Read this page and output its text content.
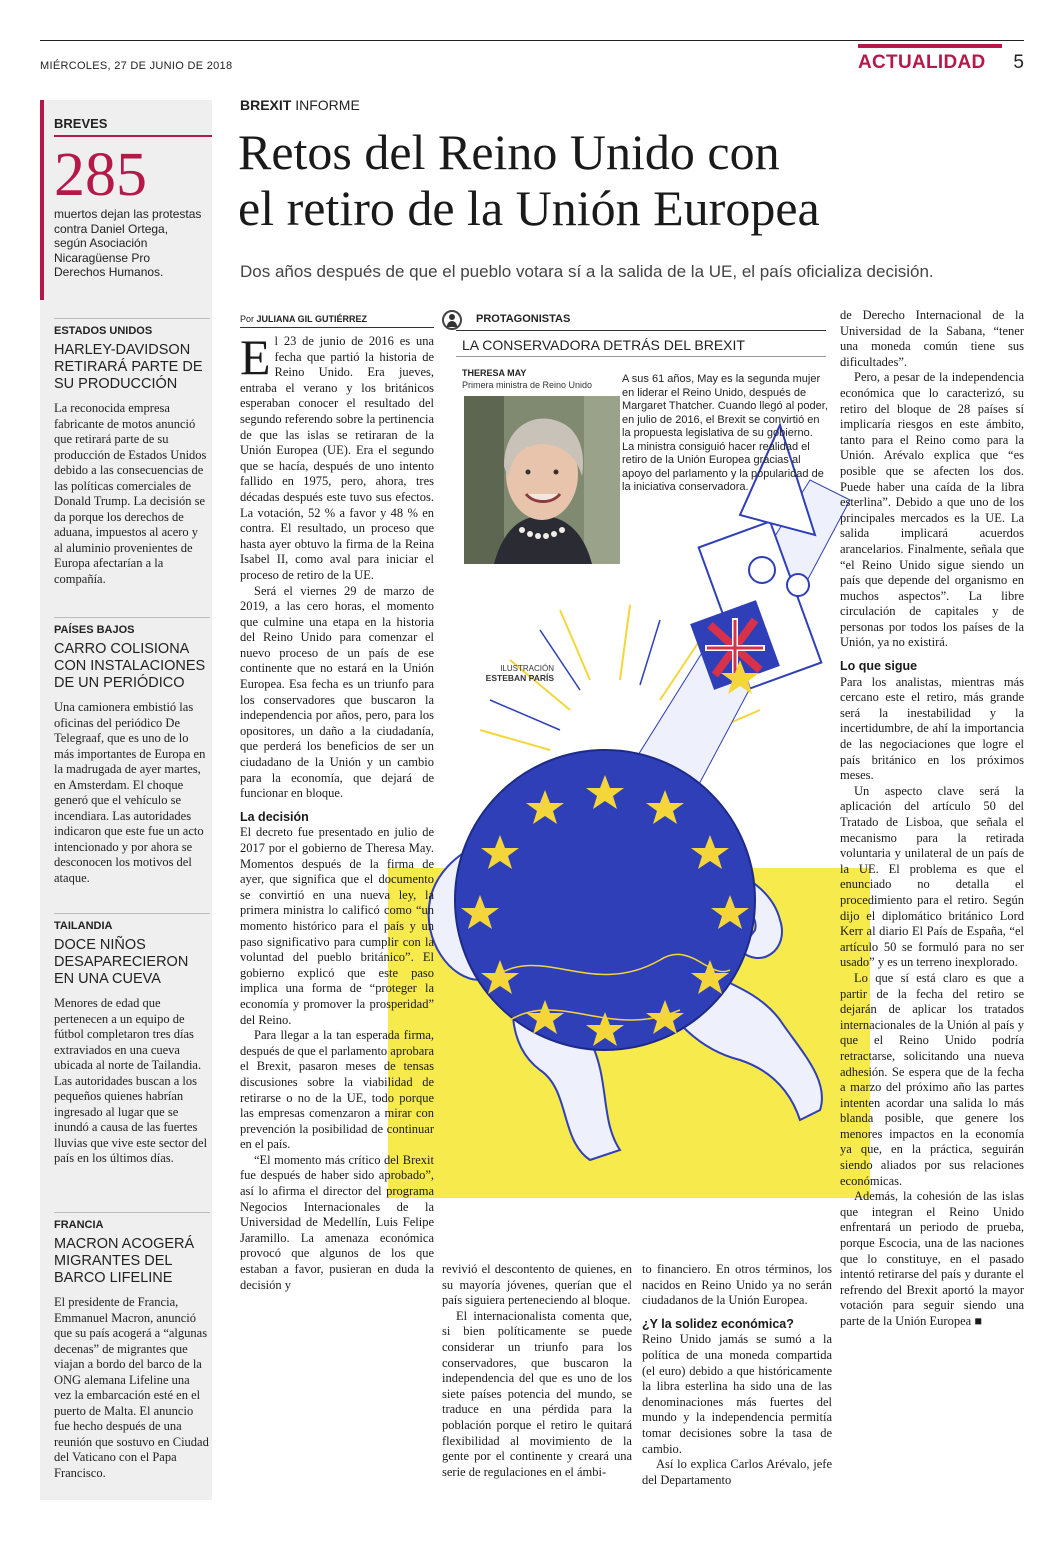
MIÉRCOLES, 27 DE JUNIO DE 2018	ACTUALIDAD 5
BREVES
285
muertos dejan las protestas contra Daniel Ortega, según Asociación Nicaragüense Pro Derechos Humanos.
ESTADOS UNIDOS
HARLEY-DAVIDSON RETIRARÁ PARTE DE SU PRODUCCIÓN
La reconocida empresa fabricante de motos anunció que retirará parte de su producción de Estados Unidos debido a las consecuencias de las políticas comerciales de Donald Trump. La decisión se da porque los derechos de aduana, impuestos al acero y al aluminio provenientes de Europa afectarían a la compañía.
PAÍSES BAJOS
CARRO COLISIONA CON INSTALACIONES DE UN PERIÓDICO
Una camionera embistió las oficinas del periódico De Telegraaf, que es uno de lo más importantes de Europa en la madrugada de ayer martes, en Amsterdam. El choque generó que el vehículo se incendiara. Las autoridades indicaron que este fue un acto intencionado y por ahora se desconocen los motivos del ataque.
TAILANDIA
DOCE NIÑOS DESAPARECIERON EN UNA CUEVA
Menores de edad que pertenecen a un equipo de fútbol completaron tres días extraviados en una cueva ubicada al norte de Tailandia. Las autoridades buscan a los pequeños quienes habrían ingresado al lugar que se inundó a causa de las fuertes lluvias que vive este sector del país en los últimos días.
FRANCIA
MACRON ACOGERÁ MIGRANTES DEL BARCO LIFELINE
El presidente de Francia, Emmanuel Macron, anunció que su país acogerá a “algunas decenas” de migrantes que viajan a bordo del barco de la ONG alemana Lifeline una vez la embarcación esté en el puerto de Malta. El anuncio fue hecho después de una reunión que sostuvo en Ciudad del Vaticano con el Papa Francisco.
BREXIT INFORME
Retos del Reino Unido con
el retiro de la Unión Europea
Dos años después de que el pueblo votara sí a la salida de la UE, el país oficializa decisión.
ILUSTRACIÓN
ESTEBAN PARÍS
PROTAGONISTAS
LA CONSERVADORA DETRÁS DEL BREXIT
THERESA MAY
Primera ministra de Reino Unido	A sus 61 años, May es la segunda mujer en liderar el Reino Unido, después de Margaret Thatcher. Cuando llegó al poder, en julio de 2016, el Brexit se convirtió en la propuesta legislativa de su gobierno. La ministra consiguió hacer realidad el retiro de la Unión Europea gracias al apoyo del parlamento y la popularidad de la iniciativa conservadora.
Por JULIANA GIL GUTIÉRREZ

El 23 de junio de 2016 es una fecha que partió la historia de Reino Unido. Era jueves, entraba el verano y los británicos esperaban conocer el resultado del segundo referendo sobre la pertinencia de que las islas se retiraran de la Unión Europea (UE). Era el segundo que se hacía, después de uno intento fallido en 1975, pero, ahora, tres décadas después este tuvo sus efectos. La votación, 52 % a favor y 48 % en contra. El resultado, un proceso que hasta ayer obtuvo la firma de la Reina Isabel II, como aval para iniciar el proceso de retiro de la UE.

Será el viernes 29 de marzo de 2019, a las cero horas, el momento que culmine una etapa en la historia del Reino Unido para comenzar el nuevo proceso de un país de ese continente que no estará en la Unión Europea. Esa fecha es un triunfo para los conservadores que buscaron la independencia por años, pero, para los opositores, un daño a la ciudadanía, que perderá los beneficios de ser un ciudadano de la Unión y un cambio para la economía, que dejará de funcionar en bloque.

La decisión

El decreto fue presentado en julio de 2017 por el gobierno de Theresa May. Momentos después de la firma de ayer, que significa que el documento se convirtió en una nueva ley, la primera ministra lo calificó como “un momento histórico para el país y un paso significativo para cumplir con la voluntad del pueblo británico”. El gobierno explicó que este paso implica una forma de “proteger la economía y promover la prosperidad” del Reino.

Para llegar a la tan esperada firma, después de que el parlamento aprobara el Brexit, pasaron meses de tensas discusiones sobre la viabilidad de retirarse o no de la UE, todo porque las empresas comenzaron a mirar con prevención la posibilidad de continuar en el país.

“El momento más crítico del Brexit fue después de haber sido aprobado”, así lo afirma el director del programa Negocios Internacionales de la Universidad de Medellín, Luis Felipe Jaramillo. La amenaza económica provocó que algunos de los que estaban a favor, pusieran en duda la decisión y

revivió el descontento de quienes, en su mayoría jóvenes, querían que el país siguiera perteneciendo al bloque.

El internacionalista comenta que, si bien políticamente se puede considerar un triunfo para los conservadores, que buscaron la independencia del que es uno de los siete países potencia del mundo, se traduce en una pérdida para la población porque el retiro le quitará flexibilidad al movimiento de la gente por el continente y creará una serie de regulaciones en el ámbi-

to financiero. En otros términos, los nacidos en Reino Unido ya no serán ciudadanos de la Unión Europea.

¿Y la solidez económica?

Reino Unido jamás se sumó a la política de una moneda compartida (el euro) debido a que históricamente la libra esterlina ha sido una de las denominaciones más fuertes del mundo y la independencia permitía tomar decisiones sobre la tasa de cambio.

Así lo explica Carlos Arévalo, jefe del Departamento

de Derecho Internacional de la Universidad de la Sabana, “tener una moneda común tiene sus dificultades”.

Pero, a pesar de la independencia económica que lo caracterizó, su retiro del bloque de 28 países sí implicaría riesgos en este ámbito, tanto para el Reino como para la Unión. Arévalo explica que “es posible que se afecten los dos. Puede haber una caída de la libra esterlina”. Debido a que uno de los principales mercados es la UE. La salida implicará acuerdos arancelarios. Finalmente, señala que “el Reino Unido sigue siendo un país que depende del organismo en muchos aspectos”. La libre circulación de capitales y de personas por todos los países de la Unión, ya no existirá.

Lo que sigue

Para los analistas, mientras más cercano este el retiro, más grande será la inestabilidad y la incertidumbre, de ahí la importancia de las negociaciones que logre el país británico en los próximos meses.

Un aspecto clave será la aplicación del artículo 50 del Tratado de Lisboa, que señala el mecanismo para la retirada voluntaria y unilateral de un país de la UE. El problema es que el enunciado no detalla el procedimiento para el retiro. Según dijo el diplomático británico Lord Kerr al diario El País de España, “el artículo 50 se formuló para no ser usado” y es un terreno inexplorado.

Lo que sí está claro es que a partir de la fecha del retiro se dejarán de aplicar los tratados internacionales de la Unión al país y que el Reino Unido podría retractarse, solicitando una nueva adhesión. Se espera que de la fecha a marzo del próximo año las partes intenten acordar una salida lo más blanda posible, que genere los menores impactos en la economía ya que, en la práctica, seguirán siendo aliados por sus relaciones económicas.

Además, la cohesión de las islas que integran el Reino Unido enfrentará un periodo de prueba, porque Escocia, una de las naciones que lo constituye, en el pasado intentó retirarse del país y durante el refrendo del Brexit aportó la mayor votación para seguir siendo una parte de la Unión Europea ■
